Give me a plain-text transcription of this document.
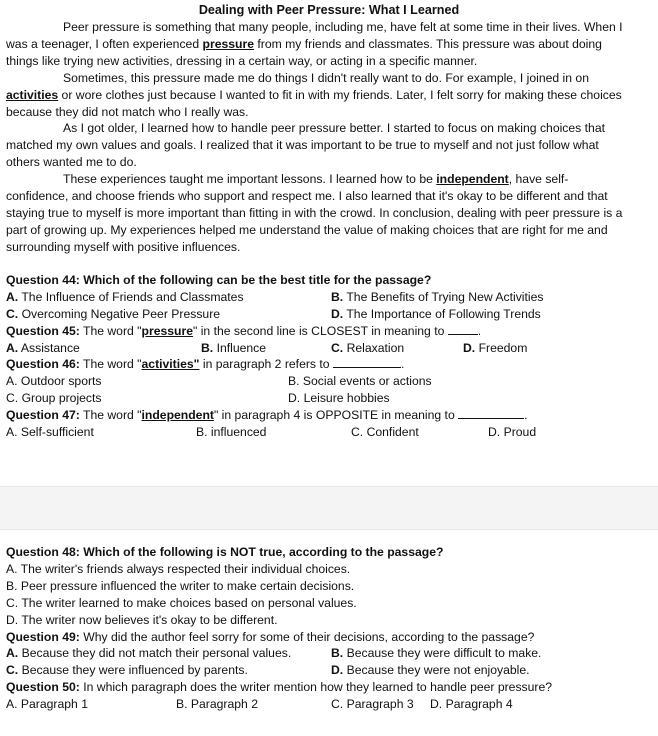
Dealing with Peer Pressure: What I Learned

Peer pressure is something that many people, including me, have felt at some time in their lives. When I was a teenager, I often experienced pressure from my friends and classmates. This pressure was about doing things like trying new activities, dressing in a certain way, or acting in a specific manner.

Sometimes, this pressure made me do things I didn't really want to do. For example, I joined in on activities or wore clothes just because I wanted to fit in with my friends. Later, I felt sorry for making these choices because they did not match who I really was.

As I got older, I learned how to handle peer pressure better. I started to focus on making choices that matched my own values and goals. I realized that it was important to be true to myself and not just follow what others wanted me to do.

These experiences taught me important lessons. I learned how to be independent, have self-confidence, and choose friends who support and respect me. I also learned that it's okay to be different and that staying true to myself is more important than fitting in with the crowd. In conclusion, dealing with peer pressure is a part of growing up. My experiences helped me understand the value of making choices that are right for me and surrounding myself with positive influences.

Question 44: Which of the following can be the best title for the passage?
A. The Influence of Friends and Classmates	B. The Benefits of Trying New Activities
C. Overcoming Negative Peer Pressure	D. The Importance of Following Trends
Question 45: The word "pressure" in the second line is CLOSEST in meaning to .
A. Assistance	B. Influence	C. Relaxation	D. Freedom
Question 46: The word "activities" in paragraph 2 refers to	.
A. Outdoor sports	B. Social events or actions
C. Group projects	D. Leisure hobbies
Question 47: The word "independent" in paragraph 4 is OPPOSITE in meaning to	.
A. Self-sufficient	B. influenced	C. Confident	D. Proud
Question 48: Which of the following is NOT true, according to the passage?
A. The writer's friends always respected their individual choices.
B. Peer pressure influenced the writer to make certain decisions.
C. The writer learned to make choices based on personal values.
D. The writer now believes it's okay to be different.
Question 49: Why did the author feel sorry for some of their decisions, according to the passage?
A. Because they did not match their personal values.	B. Because they were difficult to make.
C. Because they were influenced by parents.	D. Because they were not enjoyable.
Question 50: In which paragraph does the writer mention how they learned to handle peer pressure?
A. Paragraph 1	B. Paragraph 2	C. Paragraph 3 D. Paragraph 4
